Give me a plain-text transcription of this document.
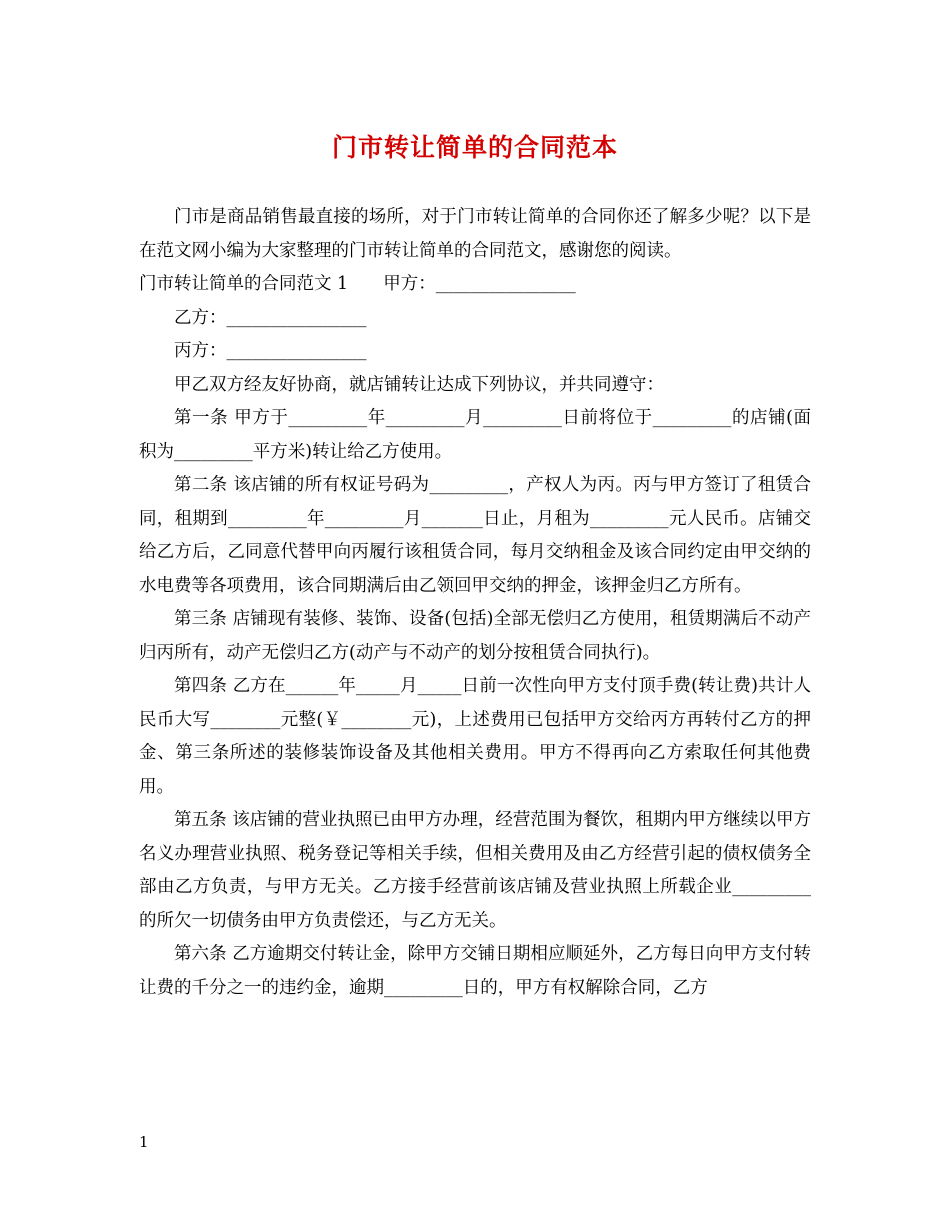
门市转让简单的合同范本

门市是商品销售最直接的场所，对于门市转让简单的合同你还了解多少呢？以下是在范文网小编为大家整理的门市转让简单的合同范文，感谢您的阅读。

门市转让简单的合同范文 1　　甲方：________________

乙方：________________

丙方：________________

甲乙双方经友好协商，就店铺转让达成下列协议，并共同遵守：

第一条 甲方于_________年_________月_________日前将位于_________的店铺(面积为_________平方米)转让给乙方使用。

第二条 该店铺的所有权证号码为_________，产权人为丙。丙与甲方签订了租赁合同，租期到_________年_________月_______日止，月租为_________元人民币。店铺交给乙方后，乙同意代替甲向丙履行该租赁合同，每月交纳租金及该合同约定由甲交纳的水电费等各项费用，该合同期满后由乙领回甲交纳的押金，该押金归乙方所有。

第三条 店铺现有装修、装饰、设备(包括)全部无偿归乙方使用，租赁期满后不动产归丙所有，动产无偿归乙方(动产与不动产的划分按租赁合同执行)。

第四条 乙方在______年_____月_____日前一次性向甲方支付顶手费(转让费)共计人民币大写________元整(￥________元)，上述费用已包括甲方交给丙方再转付乙方的押金、第三条所述的装修装饰设备及其他相关费用。甲方不得再向乙方索取任何其他费用。

第五条 该店铺的营业执照已由甲方办理，经营范围为餐饮，租期内甲方继续以甲方名义办理营业执照、税务登记等相关手续，但相关费用及由乙方经营引起的债权债务全部由乙方负责，与甲方无关。乙方接手经营前该店铺及营业执照上所载企业_________的所欠一切债务由甲方负责偿还，与乙方无关。

第六条 乙方逾期交付转让金，除甲方交铺日期相应顺延外，乙方每日向甲方支付转让费的千分之一的违约金，逾期_________日的，甲方有权解除合同，乙方

1
